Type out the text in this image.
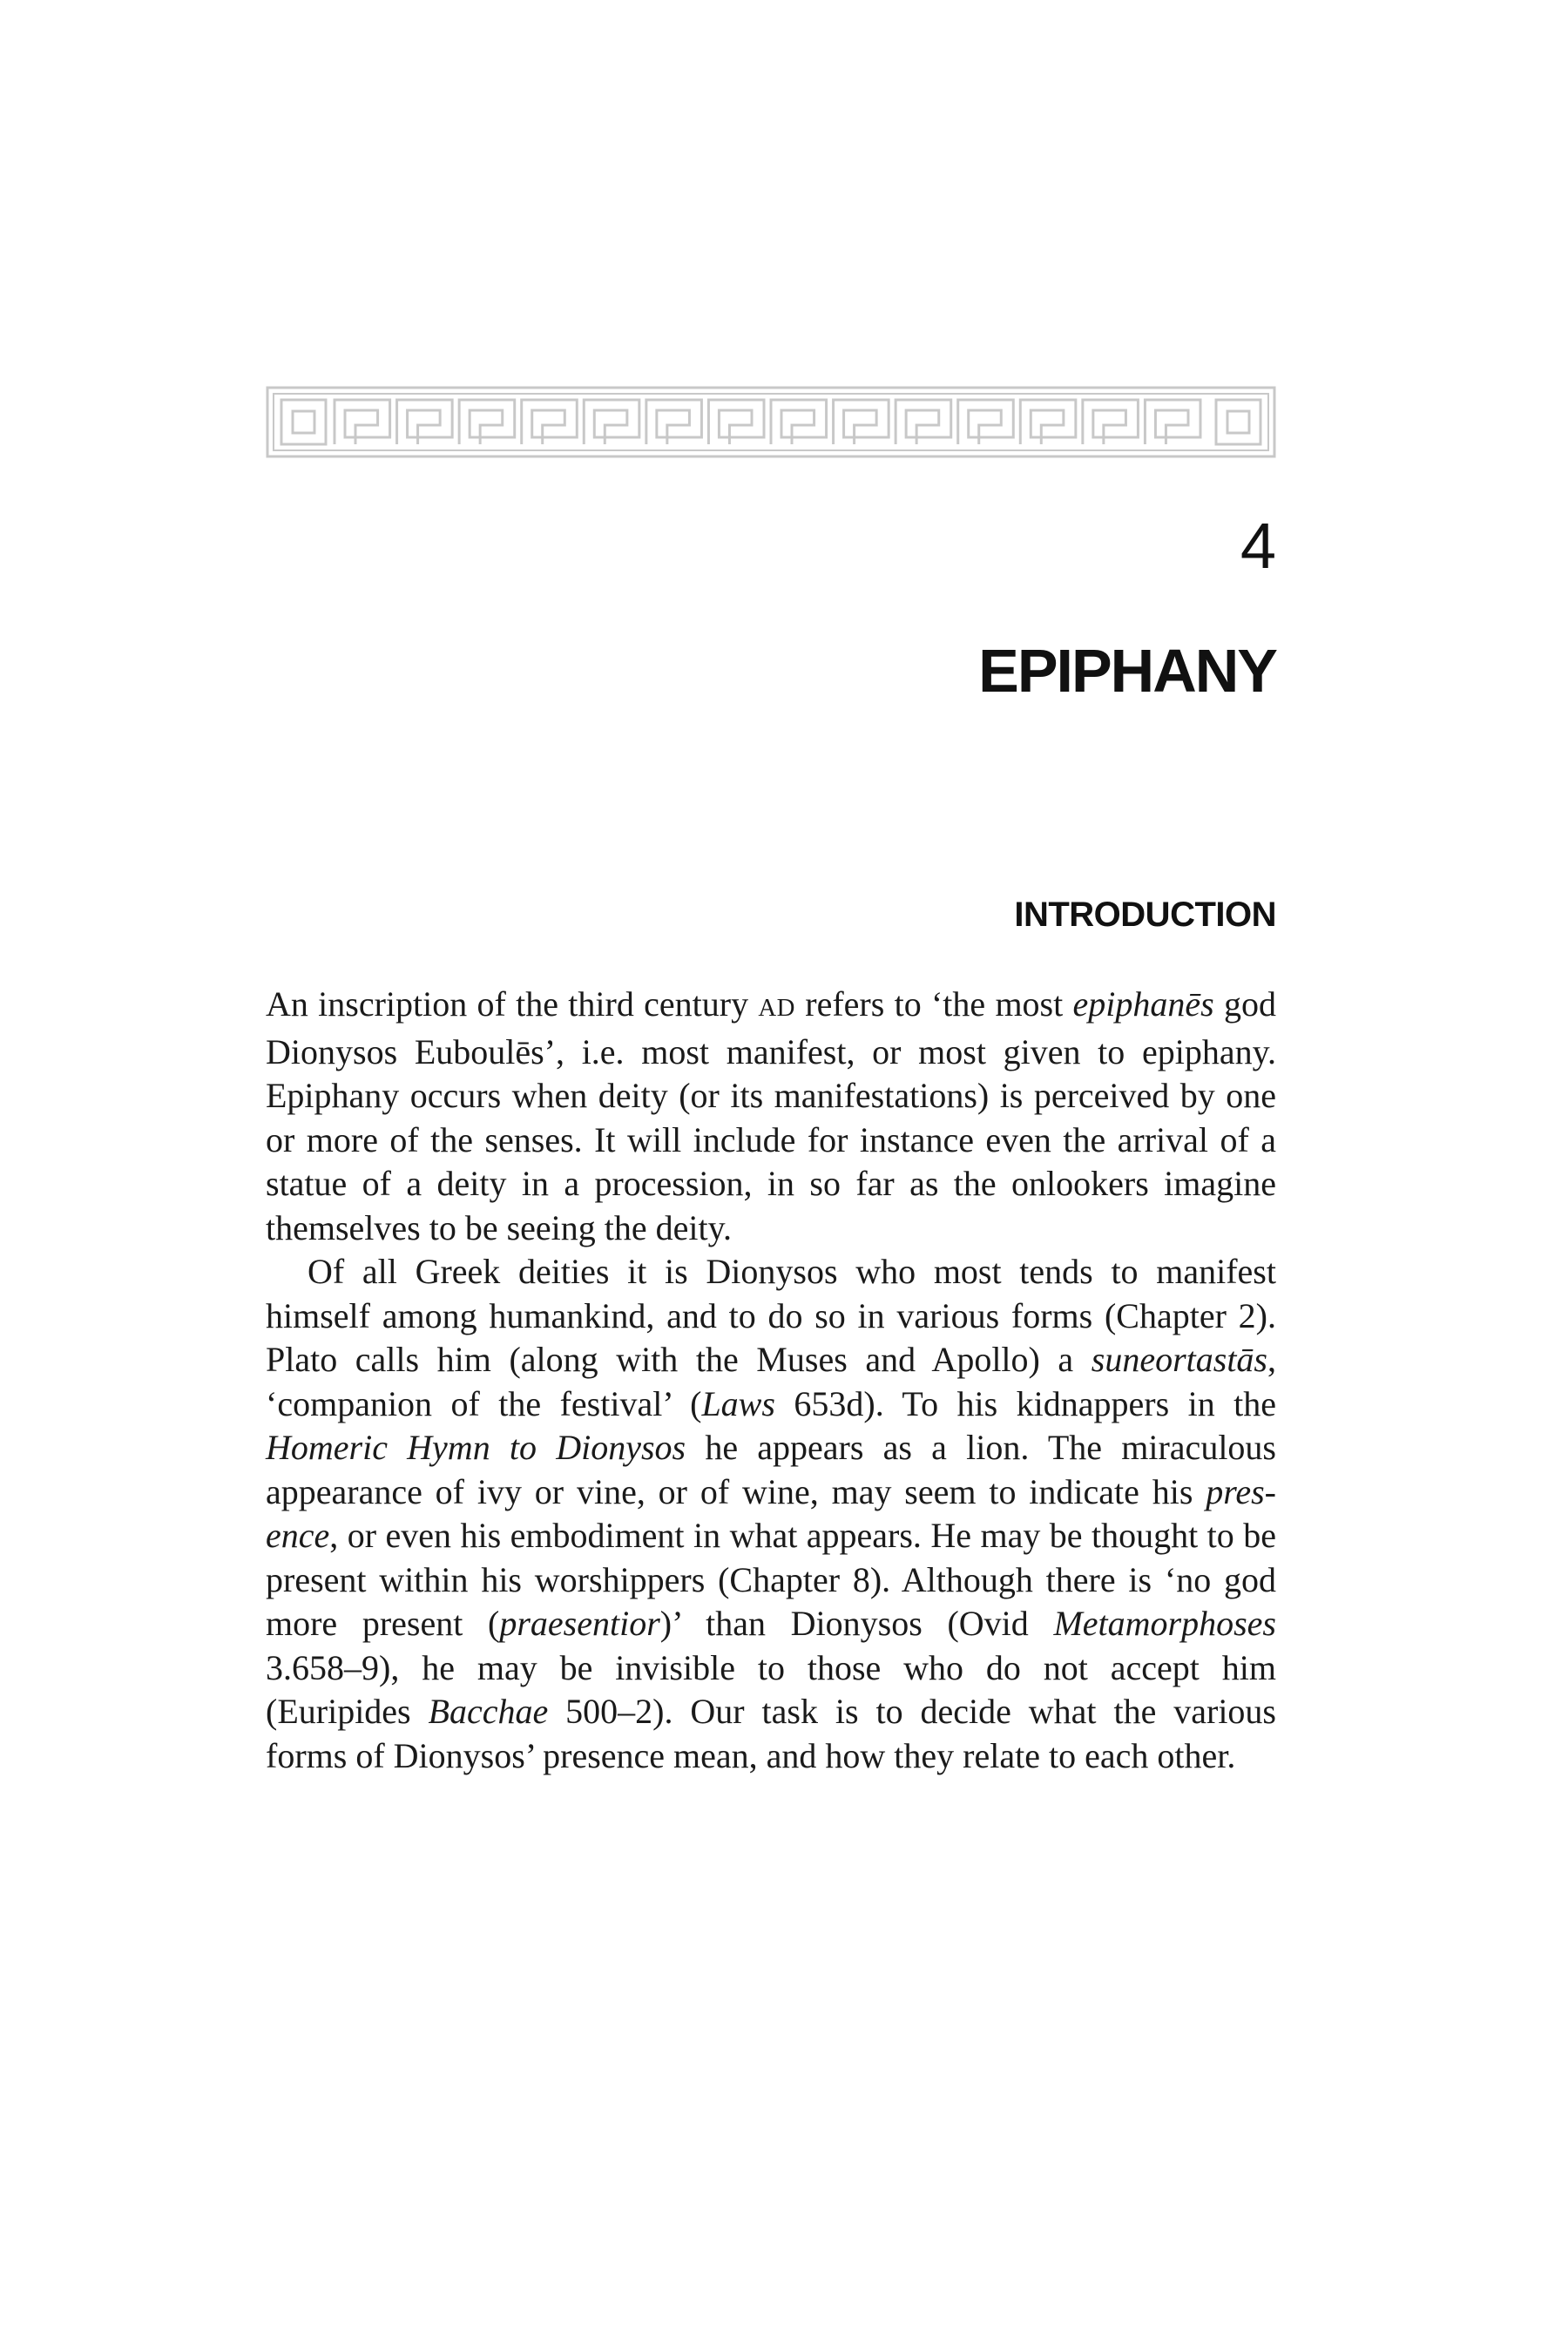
4
EPIPHANY
INTRODUCTION

An inscription of the third century AD refers to ‘the most epiphanēs god Dionysos Euboulēs’, i.e. most manifest, or most given to epiphany. Epiphany occurs when deity (or its manifestations) is perceived by one or more of the senses. It will include for instance even the arrival of a statue of a deity in a procession, in so far as the onlookers imagine themselves to be seeing the deity.

Of all Greek deities it is Dionysos who most tends to manifest himself among humankind, and to do so in various forms (Chapter 2). Plato calls him (along with the Muses and Apollo) a suneortastās, ‘companion of the festival’ (Laws 653d). To his kidnappers in the Homeric Hymn to Dionysos he appears as a lion. The miraculous appearance of ivy or vine, or of wine, may seem to indicate his pres-ence, or even his embodiment in what appears. He may be thought to be present within his worshippers (Chapter 8). Although there is ‘no god more present (praesentior)’ than Dionysos (Ovid Metamorphoses 3.658–9), he may be invisible to those who do not accept him (Euripides Bacchae 500–2). Our task is to decide what the various forms of Dionysos’ presence mean, and how they relate to each other.
